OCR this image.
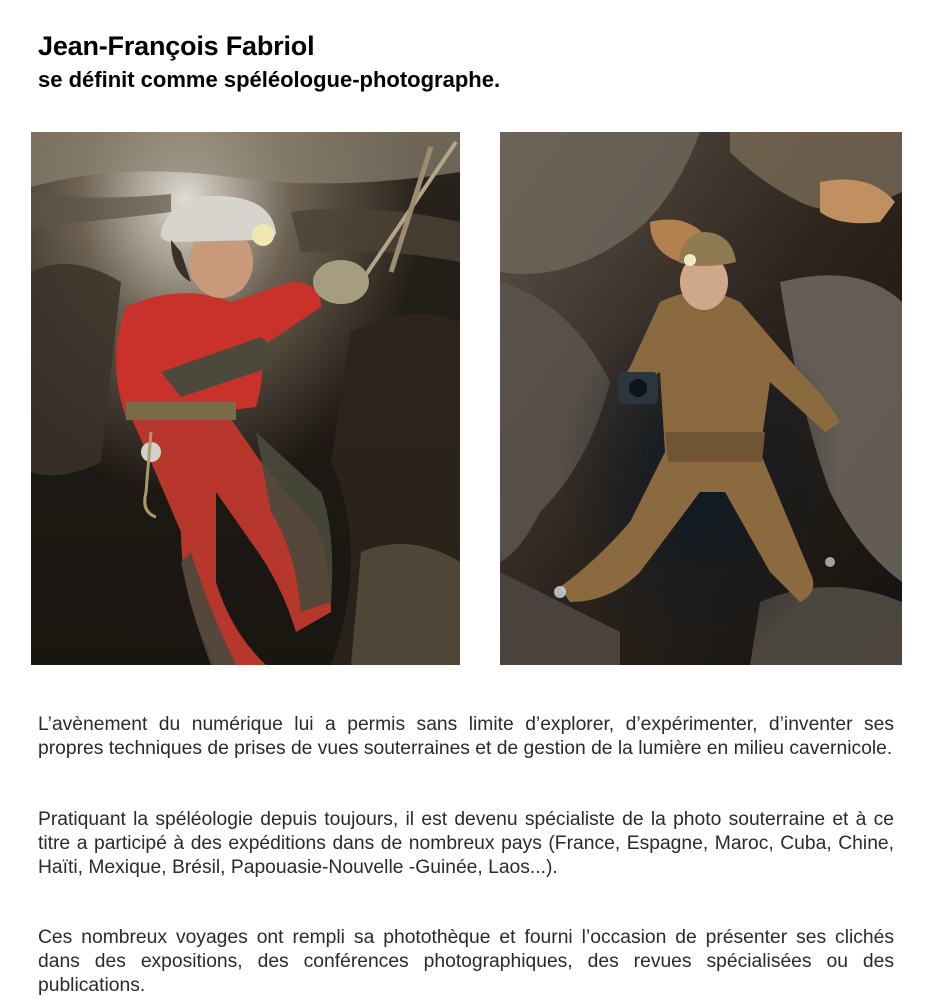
Jean-François Fabriol
se définit comme spéléologue-photographe.

L’avènement du numérique lui a permis sans limite d’explorer, d’expérimenter, d’inventer ses propres techniques de prises de vues souterraines et de gestion de la lumière en milieu cavernicole.

Pratiquant la spéléologie depuis toujours, il est devenu spécialiste de la photo souterraine et à ce titre a participé à des expéditions dans de nombreux pays (France, Espagne, Maroc, Cuba, Chine, Haïti, Mexique, Brésil, Papouasie-Nouvelle -Guinée, Laos...).

Ces nombreux voyages ont rempli sa photothèque et fourni l’occasion de présenter ses clichés dans des expositions, des conférences photographiques, des revues spécialisées ou des publications.
